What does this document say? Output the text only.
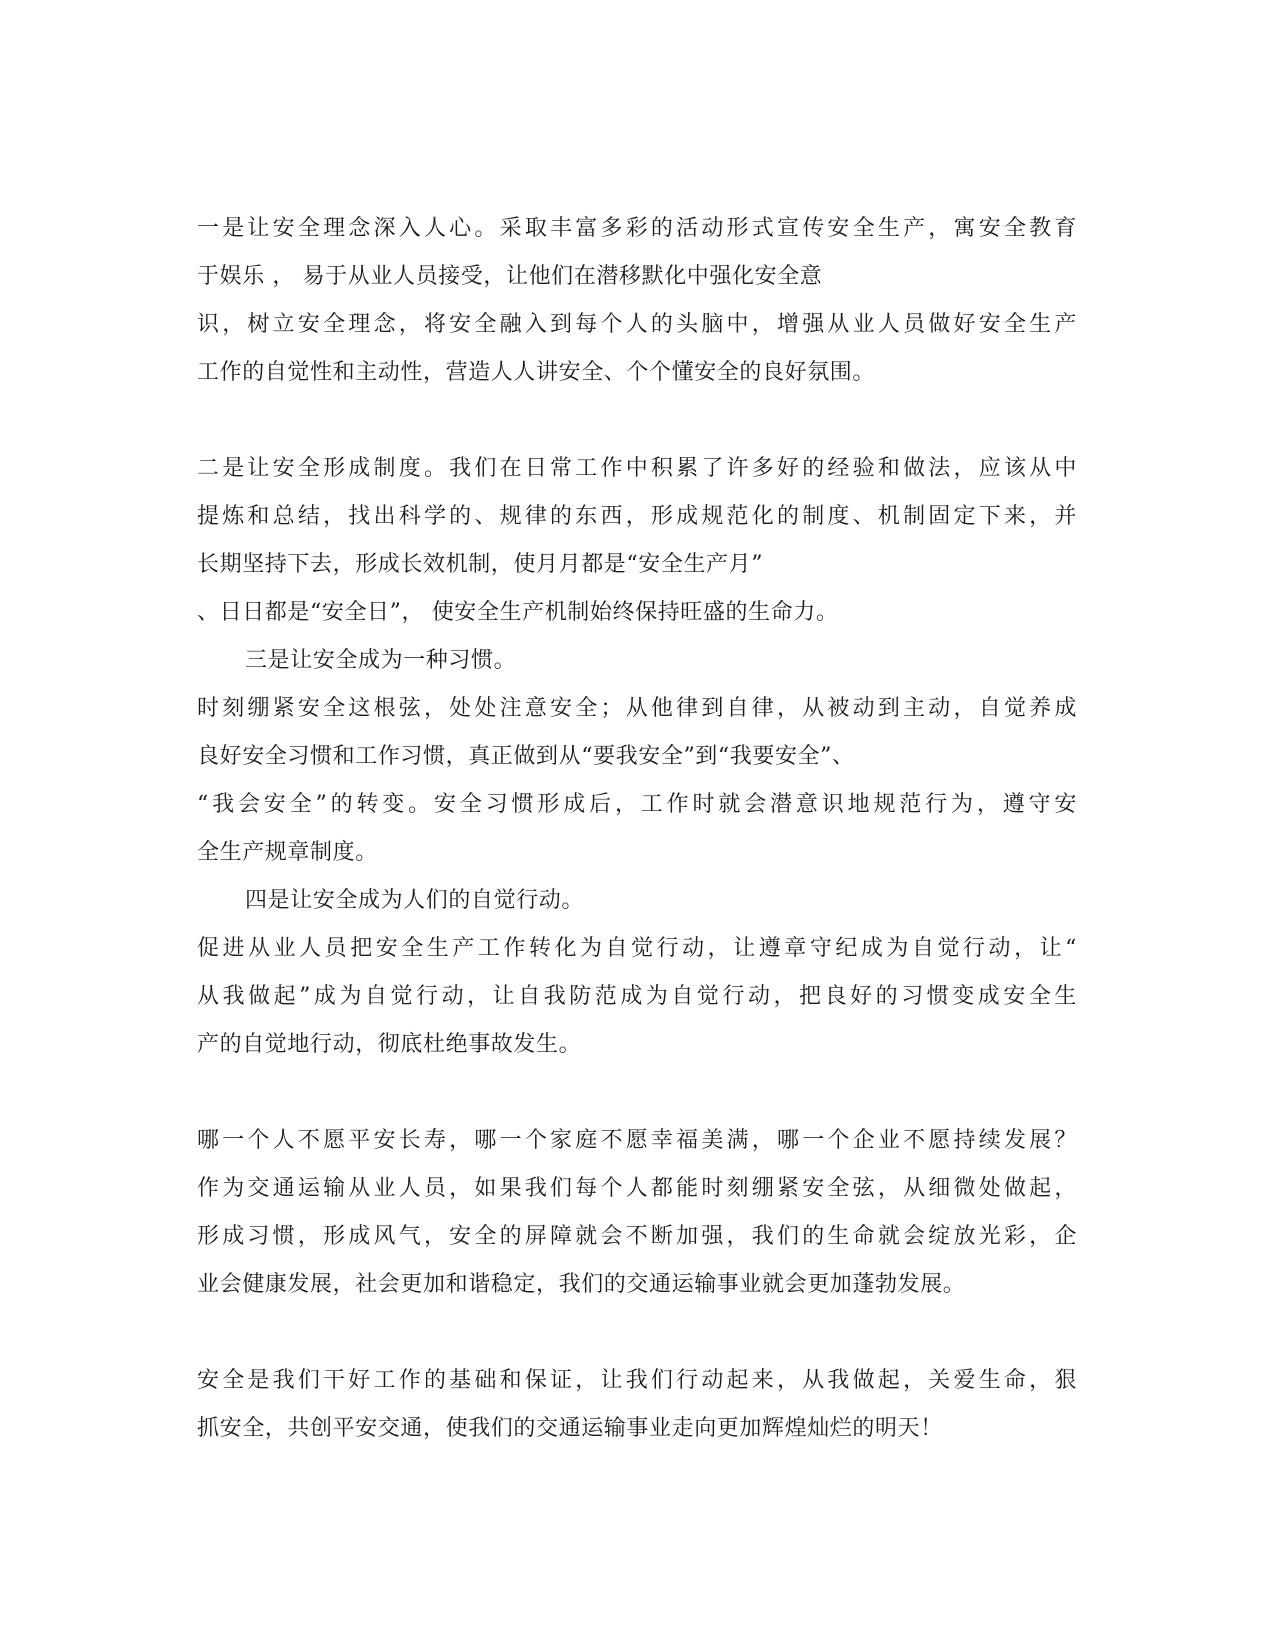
一是让安全理念深入人心。采取丰富多彩的活动形式宣传安全生产，寓安全教育
于娱乐 ， 易于从业人员接受，让他们在潜移默化中强化安全意
识，树立安全理念，将安全融入到每个人的头脑中，增强从业人员做好安全生产
工作的自觉性和主动性，营造人人讲安全、个个懂安全的良好氛围。
二是让安全形成制度。我们在日常工作中积累了许多好的经验和做法，应该从中
提炼和总结，找出科学的、规律的东西，形成规范化的制度、机制固定下来，并
长期坚持下去，形成长效机制，使月月都是“安全生产月”
、日日都是“安全日”， 使安全生产机制始终保持旺盛的生命力。
三是让安全成为一种习惯。
时刻绷紧安全这根弦，处处注意安全；从他律到自律，从被动到主动，自觉养成
良好安全习惯和工作习惯，真正做到从“要我安全”到“我要安全”、
“我会安全”的转变。安全习惯形成后，工作时就会潜意识地规范行为，遵守安
全生产规章制度。
四是让安全成为人们的自觉行动。
促进从业人员把安全生产工作转化为自觉行动，让遵章守纪成为自觉行动，让“
从我做起”成为自觉行动，让自我防范成为自觉行动，把良好的习惯变成安全生
产的自觉地行动，彻底杜绝事故发生。
哪一个人不愿平安长寿，哪一个家庭不愿幸福美满，哪一个企业不愿持续发展？
作为交通运输从业人员，如果我们每个人都能时刻绷紧安全弦，从细微处做起，
形成习惯，形成风气，安全的屏障就会不断加强，我们的生命就会绽放光彩，企
业会健康发展，社会更加和谐稳定，我们的交通运输事业就会更加蓬勃发展。
安全是我们干好工作的基础和保证，让我们行动起来，从我做起，关爱生命，狠
抓安全，共创平安交通，使我们的交通运输事业走向更加辉煌灿烂的明天！
